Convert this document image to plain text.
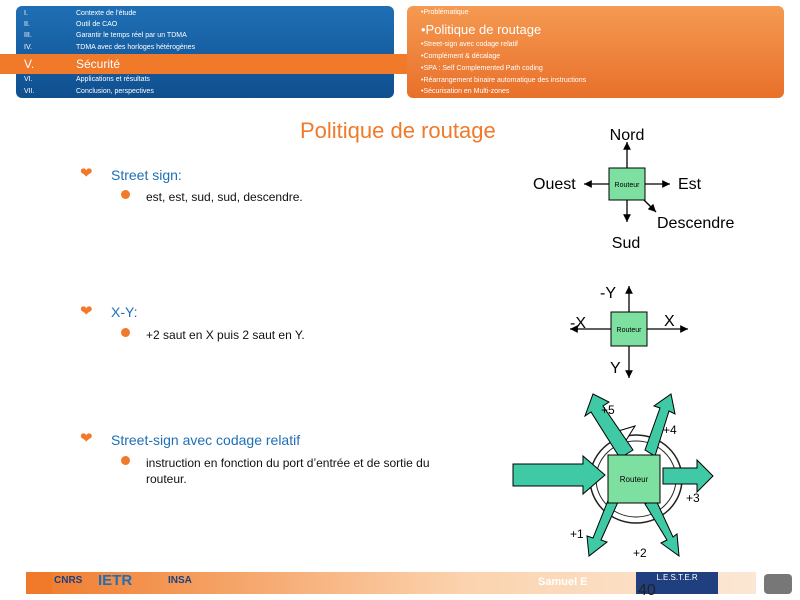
I.	Contexte de l'étude
II.	Outil de CAO
III.	Garantir le temps réel par un TDMA
IV.	TDMA avec des horloges hétérogènes
V.	Sécurité
VI.	Applications et résultats
VII.	Conclusion, perspectives
•Problématique
•Politique de routage
•Street-sign avec codage relatif
•Complément & décalage
•SPA : Self Complemented Path coding
•Réarrangement binaire automatique des instructions
•Sécurisation en Multi-zones
Politique de routage
❤ Street sign:
est, est, sud, sud, descendre.
❤ X-Y:
+2 saut en X puis 2 saut en Y.
❤ Street-sign avec codage relatif
instruction en fonction du port d’entrée et de sortie du
routeur.
Routeur
Nord
Sud
Est
Ouest
Descendre
Routeur
-Y
Y
X
-X
Routeur
+1
+2
+3
+4
+5
CNRS IETR	INSA	Samuel E	L.E.S.T.E.R
40
